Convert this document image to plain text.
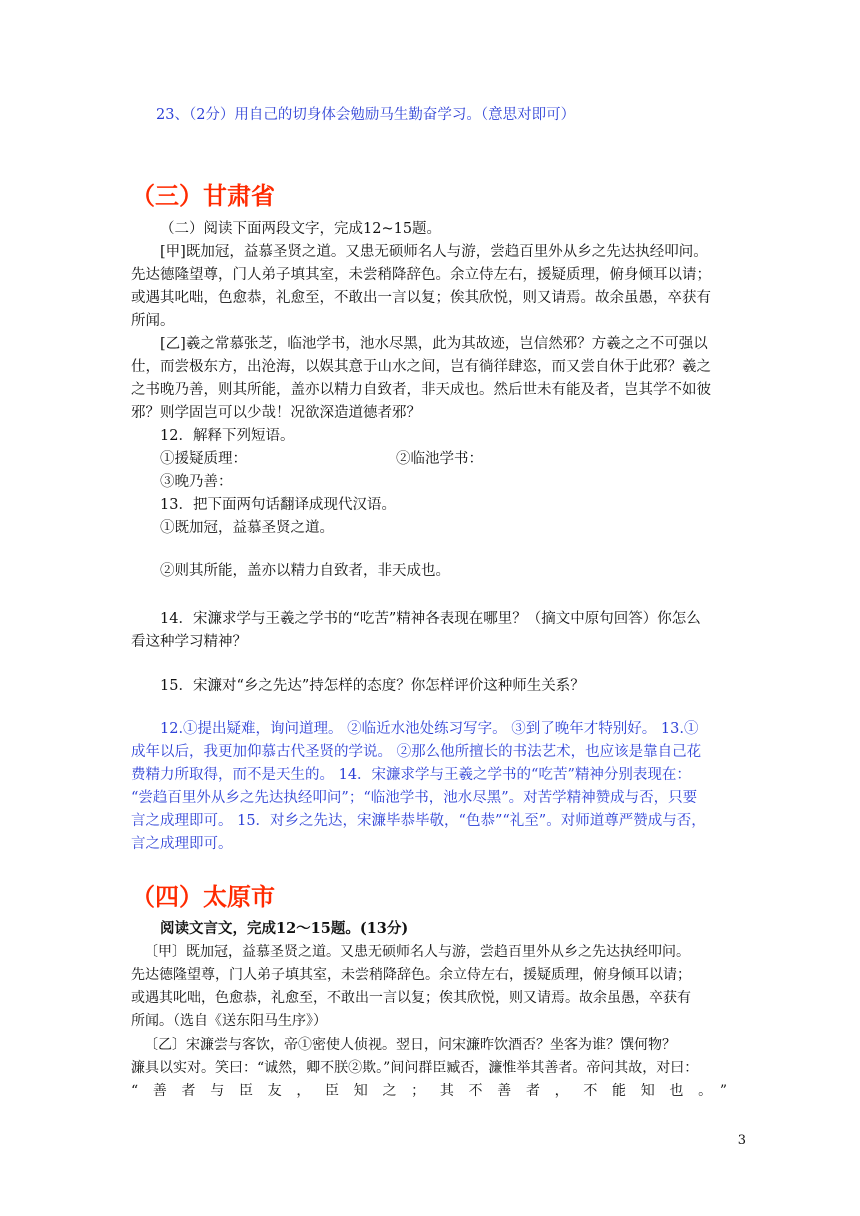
23、（2分）用自己的切身体会勉励马生勤奋学习。（意思对即可）
（三）甘肃省
（二）阅读下面两段文字，完成12~15题。
[甲]既加冠，益慕圣贤之道。又患无硕师名人与游，尝趋百里外从乡之先达执经叩问。
先达德隆望尊，门人弟子填其室，未尝稍降辞色。余立侍左右，援疑质理，俯身倾耳以请；
或遇其叱咄，色愈恭，礼愈至，不敢出一言以复；俟其欣悦，则又请焉。故余虽愚，卒获有
所闻。
[乙]羲之常慕张芝，临池学书，池水尽黑，此为其故迹，岂信然邪？方羲之之不可强以
仕，而尝极东方，出沧海，以娱其意于山水之间，岂有徜徉肆恣，而又尝自休于此邪？羲之
之书晚乃善，则其所能，盖亦以精力自致者，非天成也。然后世未有能及者，岂其学不如彼
邪？则学固岂可以少哉！况欲深造道德者邪？
12．解释下列短语。
①援疑质理：	②临池学书：
③晚乃善：
13．把下面两句话翻译成现代汉语。
①既加冠，益慕圣贤之道。
②则其所能，盖亦以精力自致者，非天成也。
14．宋濂求学与王羲之学书的“吃苦”精神各表现在哪里？（摘文中原句回答）你怎么
看这种学习精神？
15．宋濂对“乡之先达”持怎样的态度？你怎样评价这种师生关系？
12.①提出疑难，询问道理。 ②临近水池处练习写字。 ③到了晚年才特别好。 13.①
成年以后，我更加仰慕古代圣贤的学说。 ②那么他所擅长的书法艺术，也应该是靠自己花
费精力所取得，而不是天生的。 14．宋濂求学与王羲之学书的“吃苦”精神分别表现在：
“尝趋百里外从乡之先达执经叩问”；“临池学书，池水尽黑”。对苦学精神赞成与否，只要
言之成理即可。 15．对乡之先达，宋濂毕恭毕敬，“色恭”“礼至”。对师道尊严赞成与否，
言之成理即可。
（四）太原市
阅读文言文，完成12～15题。(13分)
〔甲〕既加冠，益慕圣贤之道。又患无硕师名人与游，尝趋百里外从乡之先达执经叩问。
先达德隆望尊，门人弟子填其室，未尝稍降辞色。余立侍左右，援疑质理，俯身倾耳以请；
或遇其叱咄，色愈恭，礼愈至，不敢出一言以复；俟其欣悦，则又请焉。故余虽愚，卒获有
所闻。（选自《送东阳马生序》）
〔乙〕宋濂尝与客饮，帝①密使人侦视。翌日，问宋濂昨饮酒否？坐客为谁？馔何物？
濂具以实对。笑曰：“诚然，卿不朕②欺。”间问群臣臧否，濂惟举其善者。帝问其故，对曰：
“善者与臣友，臣知之；其不善者，不能知也。”
3
